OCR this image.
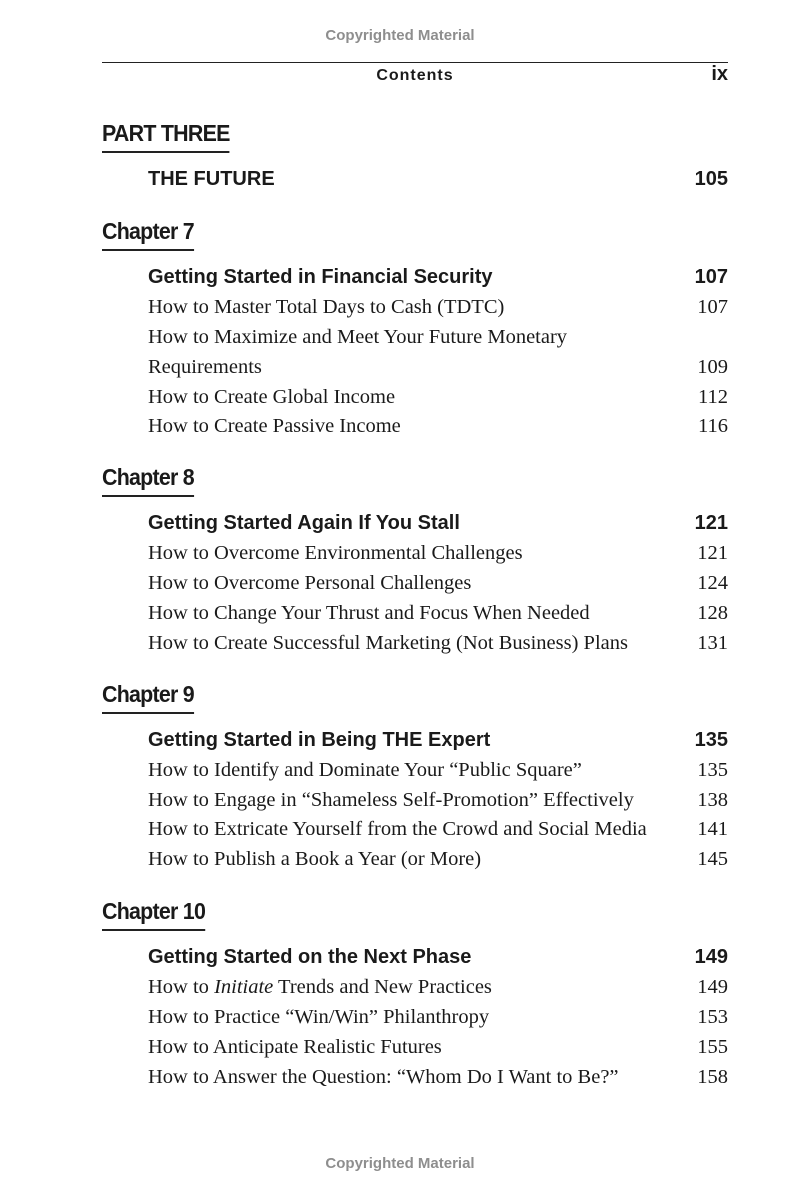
Copyrighted Material
Contents	ix
PART THREE
THE FUTURE	105
Chapter 7
Getting Started in Financial Security	107
How to Master Total Days to Cash (TDTC)	107
How to Maximize and Meet Your Future Monetary
Requirements	109
How to Create Global Income	112
How to Create Passive Income	116
Chapter 8
Getting Started Again If You Stall	121
How to Overcome Environmental Challenges	121
How to Overcome Personal Challenges	124
How to Change Your Thrust and Focus When Needed	128
How to Create Successful Marketing (Not Business) Plans	131
Chapter 9
Getting Started in Being THE Expert	135
How to Identify and Dominate Your “Public Square”	135
How to Engage in “Shameless Self-Promotion” Effectively	138
How to Extricate Yourself from the Crowd and Social Media 141
How to Publish a Book a Year (or More)	145
Chapter 10
Getting Started on the Next Phase	149
How to Initiate Trends and New Practices	149
How to Practice “Win/Win” Philanthropy	153
How to Anticipate Realistic Futures	155
How to Answer the Question: “Whom Do I Want to Be?”	158
Copyrighted Material
